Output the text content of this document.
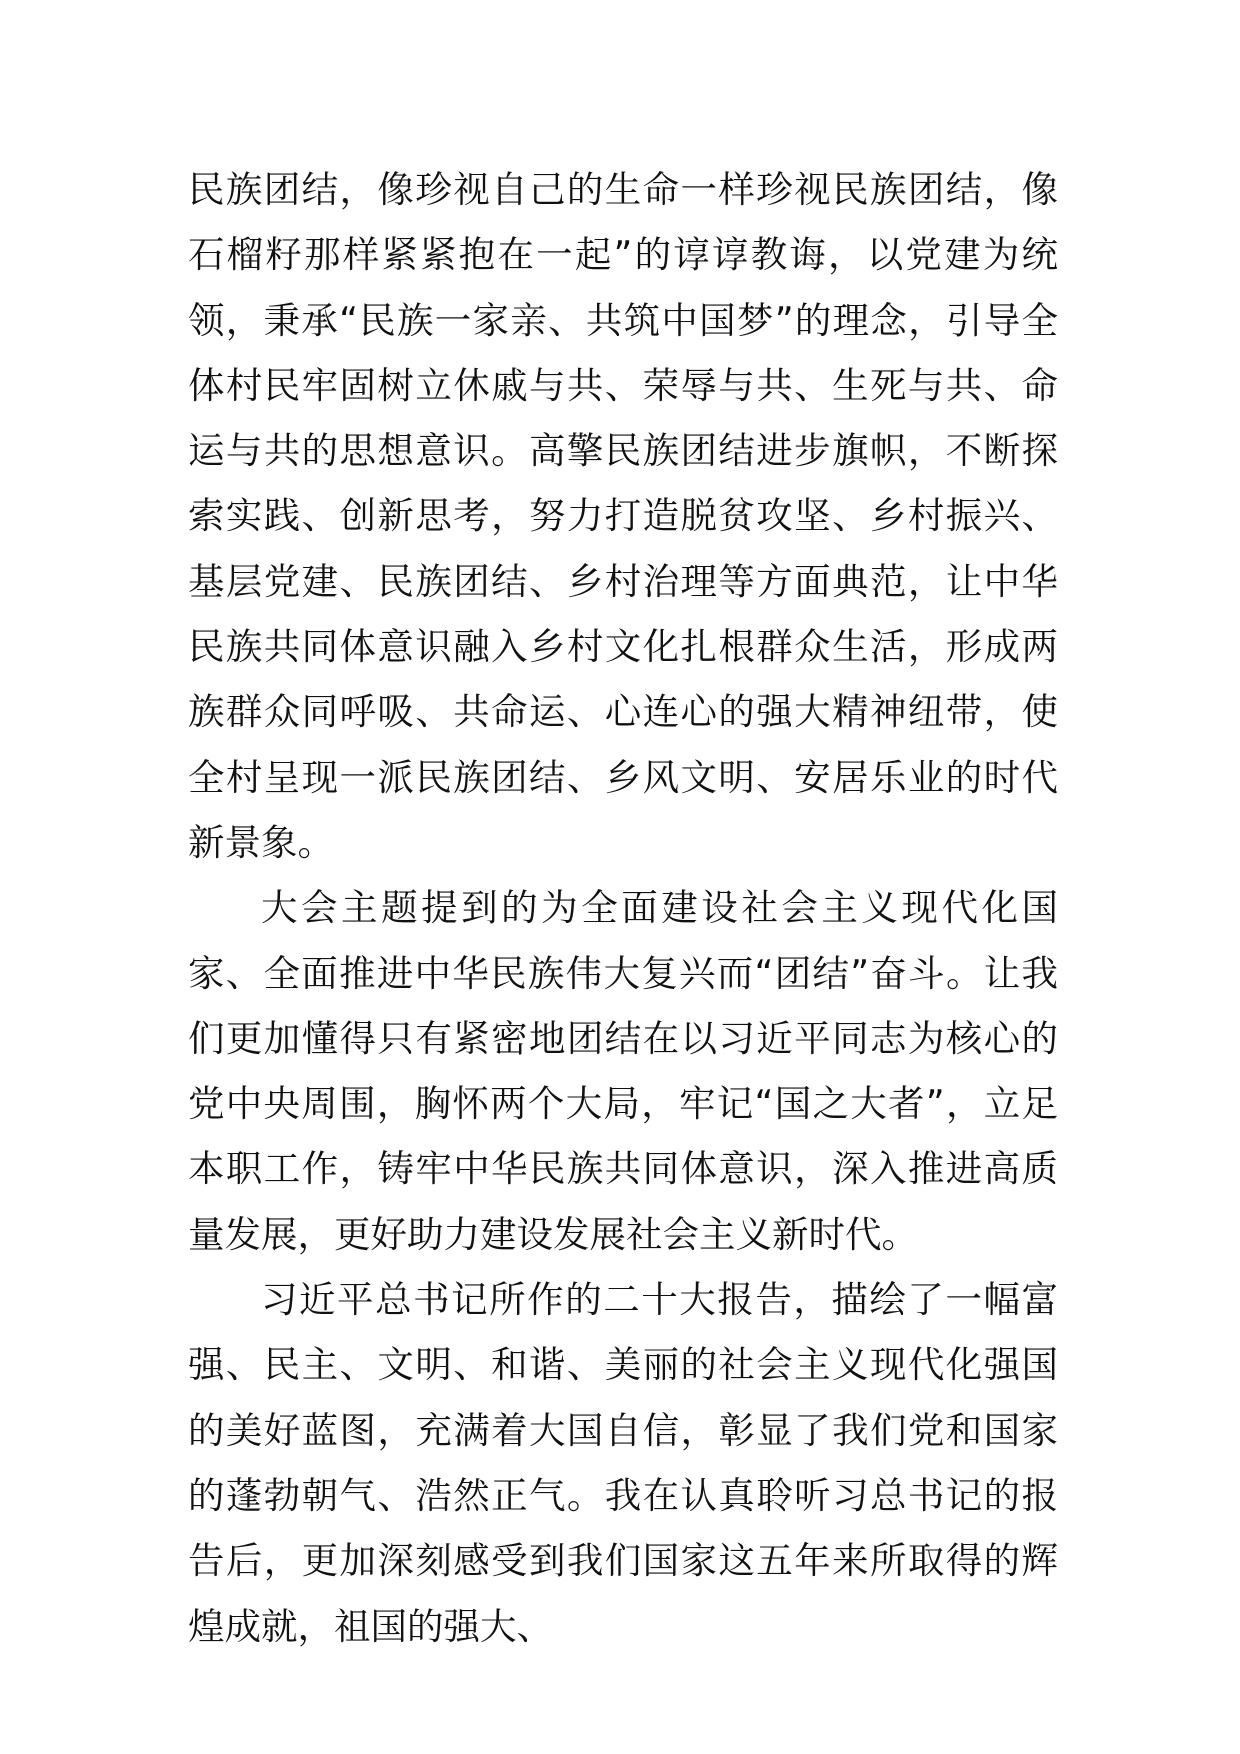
民族团结，像珍视自己的生命一样珍视民族团结，像石榴籽那样紧紧抱在一起”的谆谆教诲，以党建为统领，秉承“民族一家亲、共筑中国梦”的理念，引导全体村民牢固树立休戚与共、荣辱与共、生死与共、命运与共的思想意识。高擎民族团结进步旗帜，不断探索实践、创新思考，努力打造脱贫攻坚、乡村振兴、基层党建、民族团结、乡村治理等方面典范，让中华民族共同体意识融入乡村文化扎根群众生活，形成两族群众同呼吸、共命运、心连心的强大精神纽带，使全村呈现一派民族团结、乡风文明、安居乐业的时代新景象。

大会主题提到的为全面建设社会主义现代化国家、全面推进中华民族伟大复兴而“团结”奋斗。让我们更加懂得只有紧密地团结在以习近平同志为核心的党中央周围，胸怀两个大局，牢记“国之大者”，立足本职工作，铸牢中华民族共同体意识，深入推进高质量发展，更好助力建设发展社会主义新时代。

习近平总书记所作的二十大报告，描绘了一幅富强、民主、文明、和谐、美丽的社会主义现代化强国的美好蓝图，充满着大国自信，彰显了我们党和国家的蓬勃朝气、浩然正气。我在认真聆听习总书记的报告后，更加深刻感受到我们国家这五年来所取得的辉煌成就，祖国的强大、
